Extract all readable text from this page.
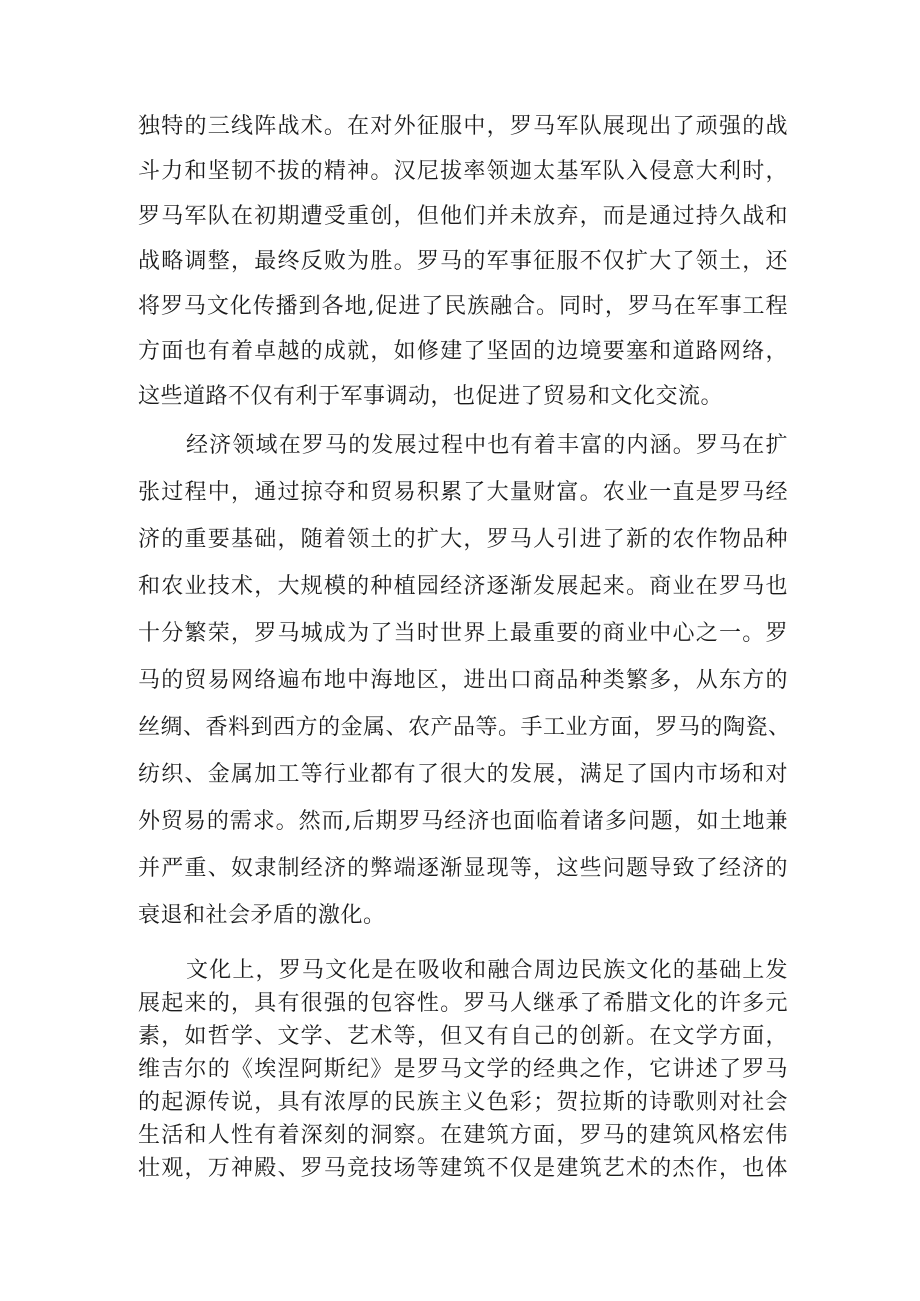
独特的三线阵战术。在对外征服中，罗马军队展现出了顽强的战

斗力和坚韧不拔的精神。汉尼拔率领迦太基军队入侵意大利时，

罗马军队在初期遭受重创，但他们并未放弃，而是通过持久战和

战略调整，最终反败为胜。罗马的军事征服不仅扩大了领土，还

将罗马文化传播到各地,促进了民族融合。同时，罗马在军事工程

方面也有着卓越的成就，如修建了坚固的边境要塞和道路网络，

这些道路不仅有利于军事调动，也促进了贸易和文化交流。

经济领域在罗马的发展过程中也有着丰富的内涵。罗马在扩

张过程中，通过掠夺和贸易积累了大量财富。农业一直是罗马经

济的重要基础，随着领土的扩大，罗马人引进了新的农作物品种

和农业技术，大规模的种植园经济逐渐发展起来。商业在罗马也

十分繁荣，罗马城成为了当时世界上最重要的商业中心之一。罗

马的贸易网络遍布地中海地区，进出口商品种类繁多，从东方的

丝绸、香料到西方的金属、农产品等。手工业方面，罗马的陶瓷、

纺织、金属加工等行业都有了很大的发展，满足了国内市场和对

外贸易的需求。然而,后期罗马经济也面临着诸多问题，如土地兼

并严重、奴隶制经济的弊端逐渐显现等，这些问题导致了经济的

衰退和社会矛盾的激化。

文化上，罗马文化是在吸收和融合周边民族文化的基础上发

展起来的，具有很强的包容性。罗马人继承了希腊文化的许多元

素，如哲学、文学、艺术等，但又有自己的创新。在文学方面，

维吉尔的《埃涅阿斯纪》是罗马文学的经典之作，它讲述了罗马

的起源传说，具有浓厚的民族主义色彩；贺拉斯的诗歌则对社会

生活和人性有着深刻的洞察。在建筑方面，罗马的建筑风格宏伟

壮观，万神殿、罗马竞技场等建筑不仅是建筑艺术的杰作，也体
